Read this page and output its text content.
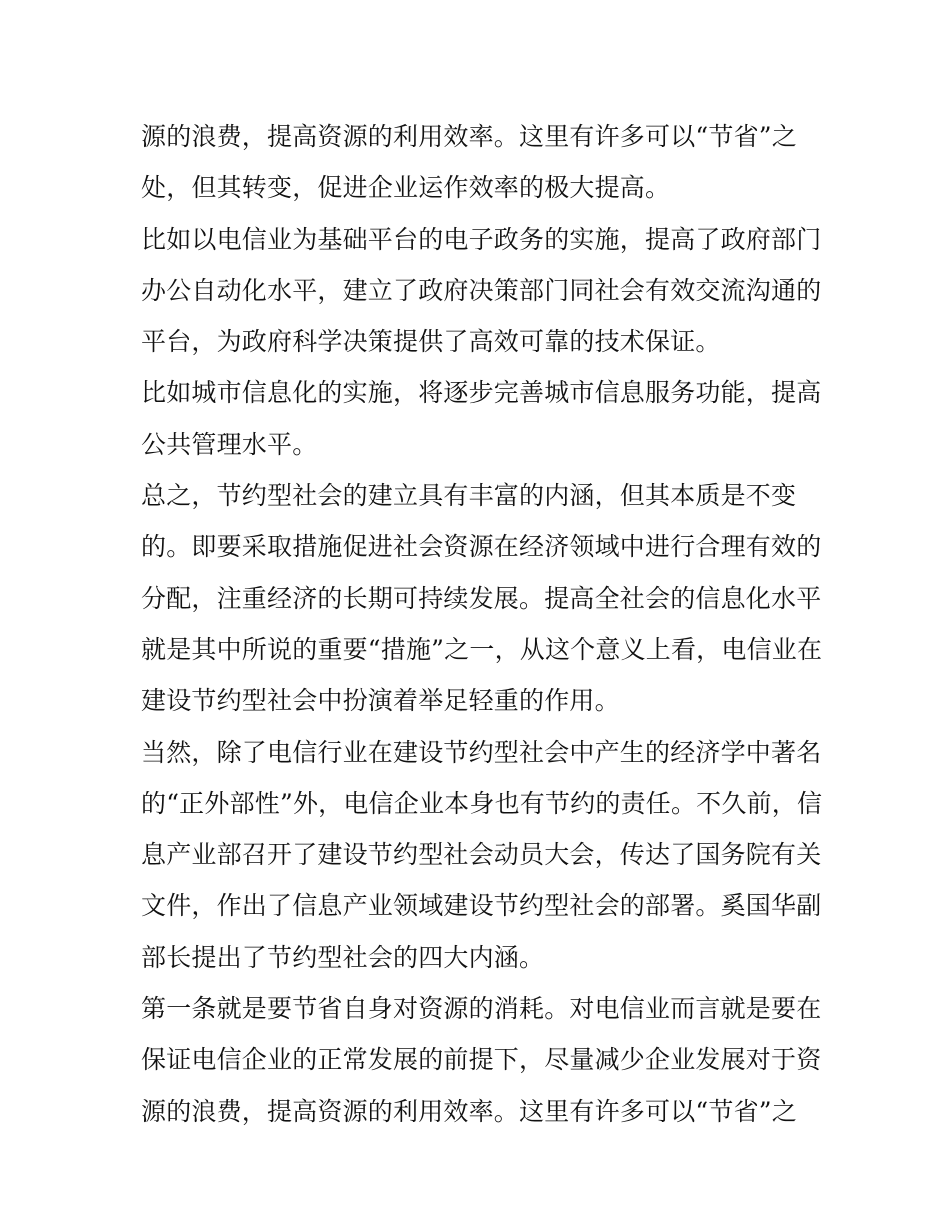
源的浪费，提高资源的利用效率。这里有许多可以“节省”之
处，但其转变，促进企业运作效率的极大提高。
比如以电信业为基础平台的电子政务的实施，提高了政府部门
办公自动化水平，建立了政府决策部门同社会有效交流沟通的
平台，为政府科学决策提供了高效可靠的技术保证。
比如城市信息化的实施，将逐步完善城市信息服务功能，提高
公共管理水平。
总之，节约型社会的建立具有丰富的内涵，但其本质是不变
的。即要采取措施促进社会资源在经济领域中进行合理有效的
分配，注重经济的长期可持续发展。提高全社会的信息化水平
就是其中所说的重要“措施”之一，从这个意义上看，电信业在
建设节约型社会中扮演着举足轻重的作用。
当然，除了电信行业在建设节约型社会中产生的经济学中著名
的“正外部性”外，电信企业本身也有节约的责任。不久前，信
息产业部召开了建设节约型社会动员大会，传达了国务院有关
文件，作出了信息产业领域建设节约型社会的部署。奚国华副
部长提出了节约型社会的四大内涵。
第一条就是要节省自身对资源的消耗。对电信业而言就是要在
保证电信企业的正常发展的前提下，尽量减少企业发展对于资
源的浪费，提高资源的利用效率。这里有许多可以“节省”之
